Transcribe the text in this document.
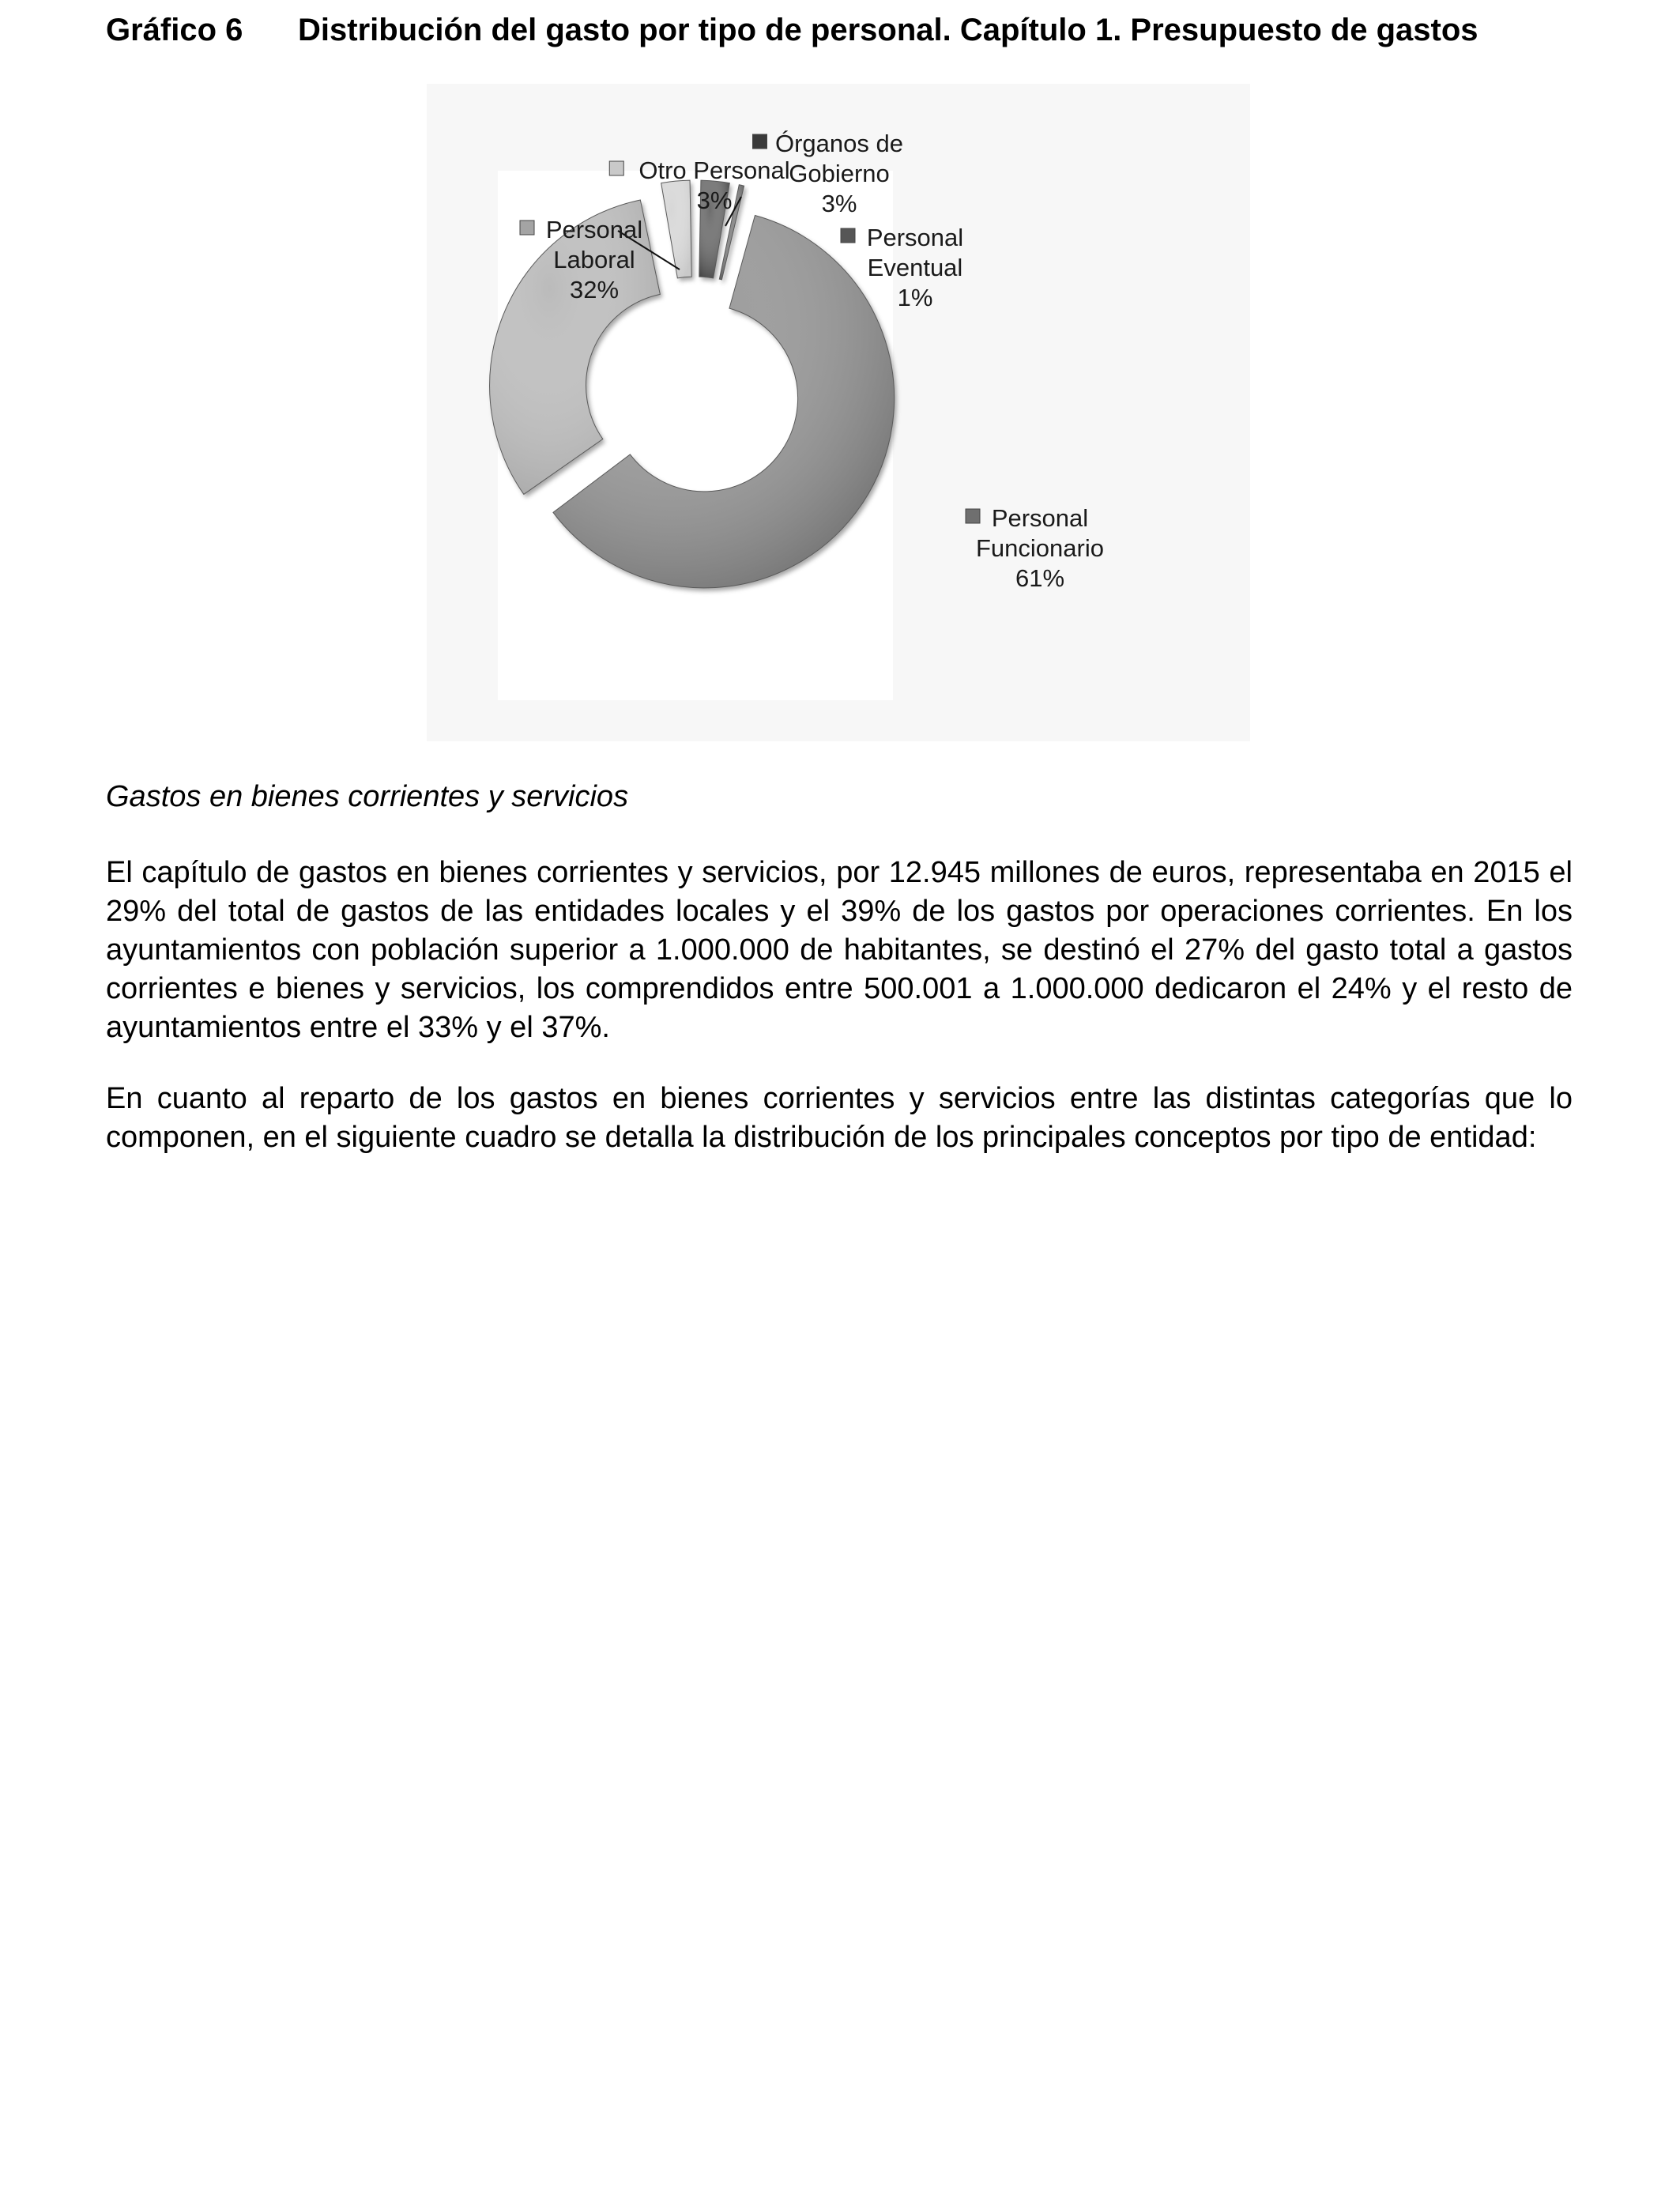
Gráfico 6 Distribución del gasto por tipo de personal. Capítulo 1. Presupuesto de gastos
Órganos de
Gobierno
3%
Personal
Eventual
1%
Personal
Funcionario
61%
Personal
Laboral
32%
Otro Personal
3%
Gastos en bienes corrientes y servicios

El capítulo de gastos en bienes corrientes y servicios, por 12.945 millones de euros, representaba en 2015 el 29% del total de gastos de las entidades locales y el 39% de los gastos por operaciones corrientes. En los ayuntamientos con población superior a 1.000.000 de habitantes, se destinó el 27% del gasto total a gastos corrientes e bienes y servicios, los comprendidos entre 500.001 a 1.000.000 dedicaron el 24% y el resto de ayuntamientos entre el 33% y el 37%.

En cuanto al reparto de los gastos en bienes corrientes y servicios entre las distintas categorías que lo componen, en el siguiente cuadro se detalla la distribución de los principales conceptos por tipo de entidad:
